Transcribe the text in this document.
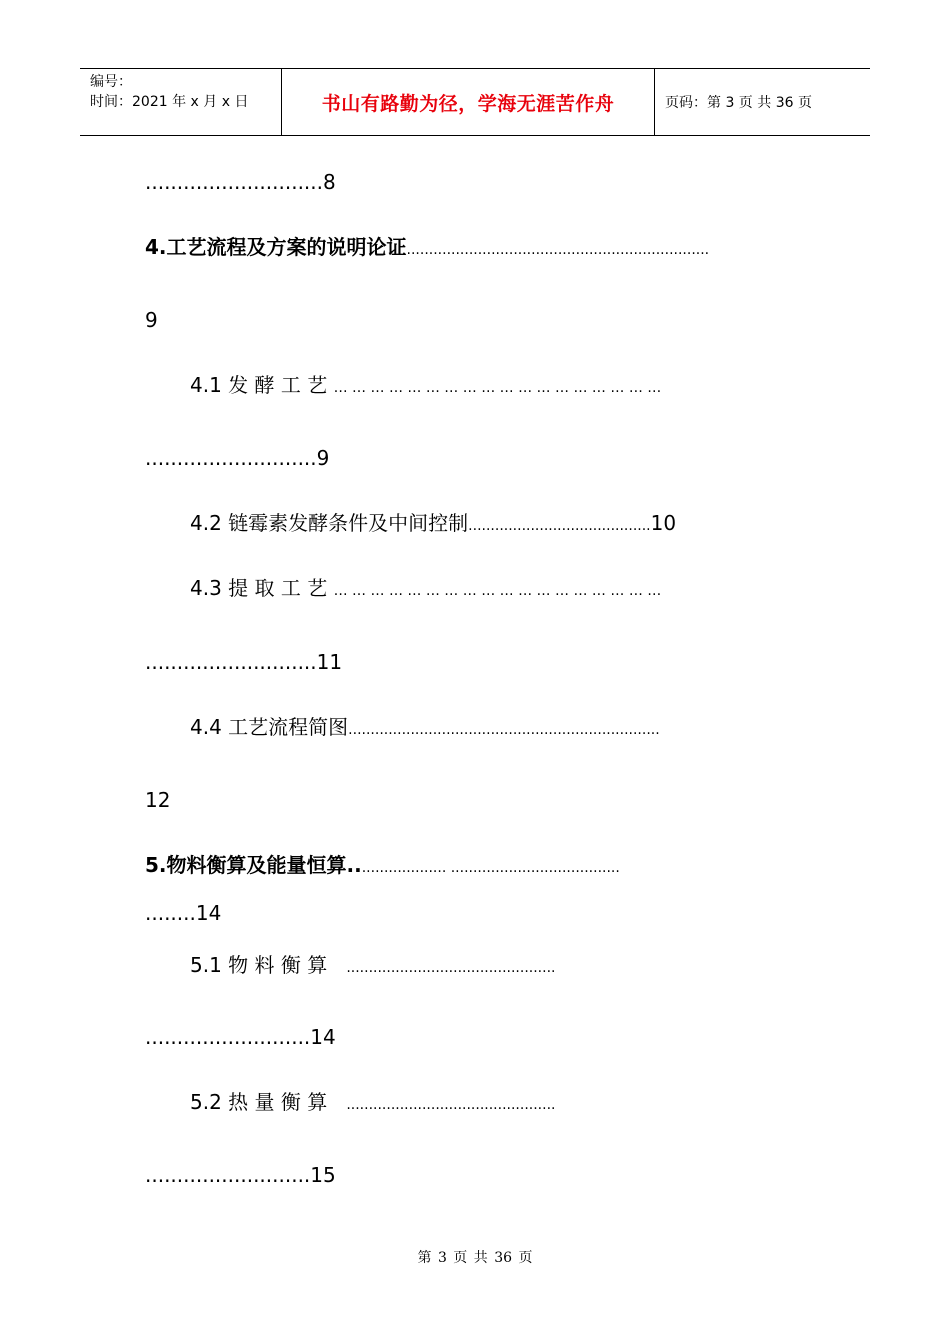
编号：
时间：2021 年 x 月 x 日	书山有路勤为径，学海无涯苦作舟	页码：第 3 页 共 36 页
............................8
4.工艺流程及方案的说明论证....................................................................
9
4.1 发 酵 工 艺 … … … … … … … … … … … … … … … … … …
...........................9
4.2 链霉素发酵条件及中间控制.........................................10
4.3 提 取 工 艺 … … … … … … … … … … … … … … … … … …
...........................11
4.4 工艺流程简图......................................................................
12
5.物料衡算及能量恒算..................... ......................................
........14
5.1 物 料 衡 算 ...............................................
..........................14
5.2 热 量 衡 算 ...............................................
..........................15
第 3 页 共 36 页
